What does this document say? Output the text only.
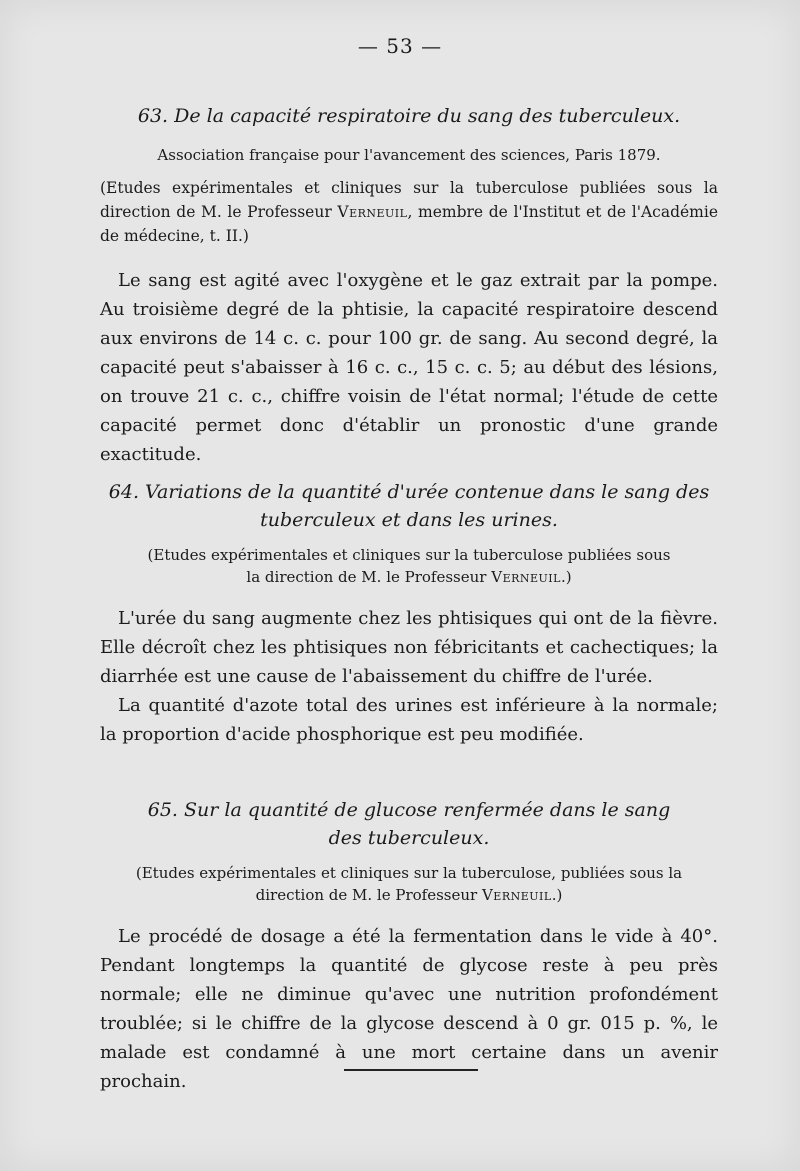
— 53 —

63. De la capacité respiratoire du sang des tuberculeux.

Association française pour l'avancement des sciences, Paris 1879.

(Etudes expérimentales et cliniques sur la tuberculose publiées sous la direction de M. le Professeur Verneuil, membre de l'Institut et de l'Académie de médecine, t. II.)

Le sang est agité avec l'oxygène et le gaz extrait par la pompe. Au troisième degré de la phtisie, la capacité respiratoire descend aux environs de 14 c. c. pour 100 gr. de sang. Au second degré, la capacité peut s'abaisser à 16 c. c., 15 c. c. 5; au début des lésions, on trouve 21 c. c., chiffre voisin de l'état normal; l'étude de cette capacité permet donc d'établir un pronostic d'une grande exactitude.

64. Variations de la quantité d'urée contenue dans le sang des

tuberculeux et dans les urines.

(Etudes expérimentales et cliniques sur la tuberculose publiées sous

la direction de M. le Professeur Verneuil.)

L'urée du sang augmente chez les phtisiques qui ont de la fièvre. Elle décroît chez les phtisiques non fébricitants et cachectiques; la diarrhée est une cause de l'abaissement du chiffre de l'urée.

La quantité d'azote total des urines est inférieure à la normale; la proportion d'acide phosphorique est peu modifiée.

65. Sur la quantité de glucose renfermée dans le sang

des tuberculeux.

(Etudes expérimentales et cliniques sur la tuberculose, publiées sous la

direction de M. le Professeur Verneuil.)

Le procédé de dosage a été la fermentation dans le vide à 40°. Pendant longtemps la quantité de glycose reste à peu près normale; elle ne diminue qu'avec une nutrition profondément troublée; si le chiffre de la glycose descend à 0 gr. 015 p. %, le malade est condamné à une mort certaine dans un avenir prochain.
